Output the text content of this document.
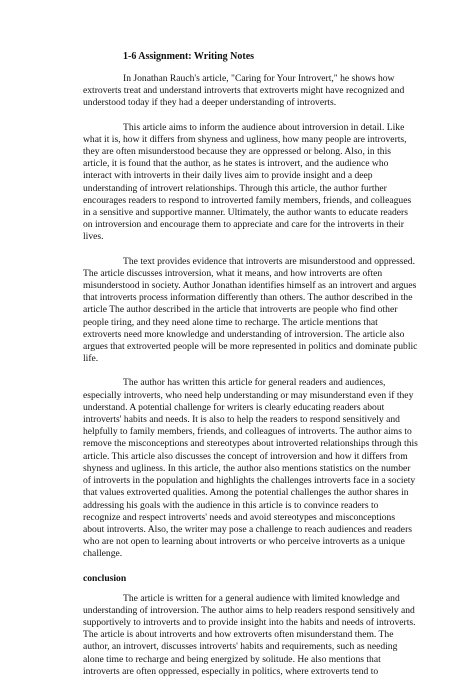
1-6 Assignment: Writing Notes

In Jonathan Rauch's article, "Caring for Your Introvert," he shows how extroverts treat and understand introverts that extroverts might have recognized and understood today if they had a deeper understanding of introverts.

This article aims to inform the audience about introversion in detail. Like what it is, how it differs from shyness and ugliness, how many people are introverts, they are often misunderstood because they are oppressed or belong. Also, in this article, it is found that the author, as he states is introvert, and the audience who interact with introverts in their daily lives aim to provide insight and a deep understanding of introvert relationships. Through this article, the author further encourages readers to respond to introverted family members, friends, and colleagues in a sensitive and supportive manner. Ultimately, the author wants to educate readers on introversion and encourage them to appreciate and care for the introverts in their lives.

The text provides evidence that introverts are misunderstood and oppressed. The article discusses introversion, what it means, and how introverts are often misunderstood in society. Author Jonathan identifies himself as an introvert and argues that introverts process information differently than others. The author described in the article The author described in the article that introverts are people who find other people tiring, and they need alone time to recharge. The article mentions that extroverts need more knowledge and understanding of introversion. The article also argues that extroverted people will be more represented in politics and dominate public life.

The author has written this article for general readers and audiences, especially introverts, who need help understanding or may misunderstand even if they understand. A potential challenge for writers is clearly educating readers about introverts' habits and needs. It is also to help the readers to respond sensitively and helpfully to family members, friends, and colleagues of introverts. The author aims to remove the misconceptions and stereotypes about introverted relationships through this article. This article also discusses the concept of introversion and how it differs from shyness and ugliness. In this article, the author also mentions statistics on the number of introverts in the population and highlights the challenges introverts face in a society that values extroverted qualities. Among the potential challenges the author shares in addressing his goals with the audience in this article is to convince readers to recognize and respect introverts' needs and avoid stereotypes and misconceptions about introverts. Also, the writer may pose a challenge to reach audiences and readers who are not open to learning about introverts or who perceive introverts as a unique challenge.

conclusion

The article is written for a general audience with limited knowledge and understanding of introversion. The author aims to help readers respond sensitively and supportively to introverts and to provide insight into the habits and needs of introverts. The article is about introverts and how extroverts often misunderstand them. The author, an introvert, discusses introverts' habits and requirements, such as needing alone time to recharge and being energized by solitude. He also mentions that introverts are often oppressed, especially in politics, where extroverts tend to
